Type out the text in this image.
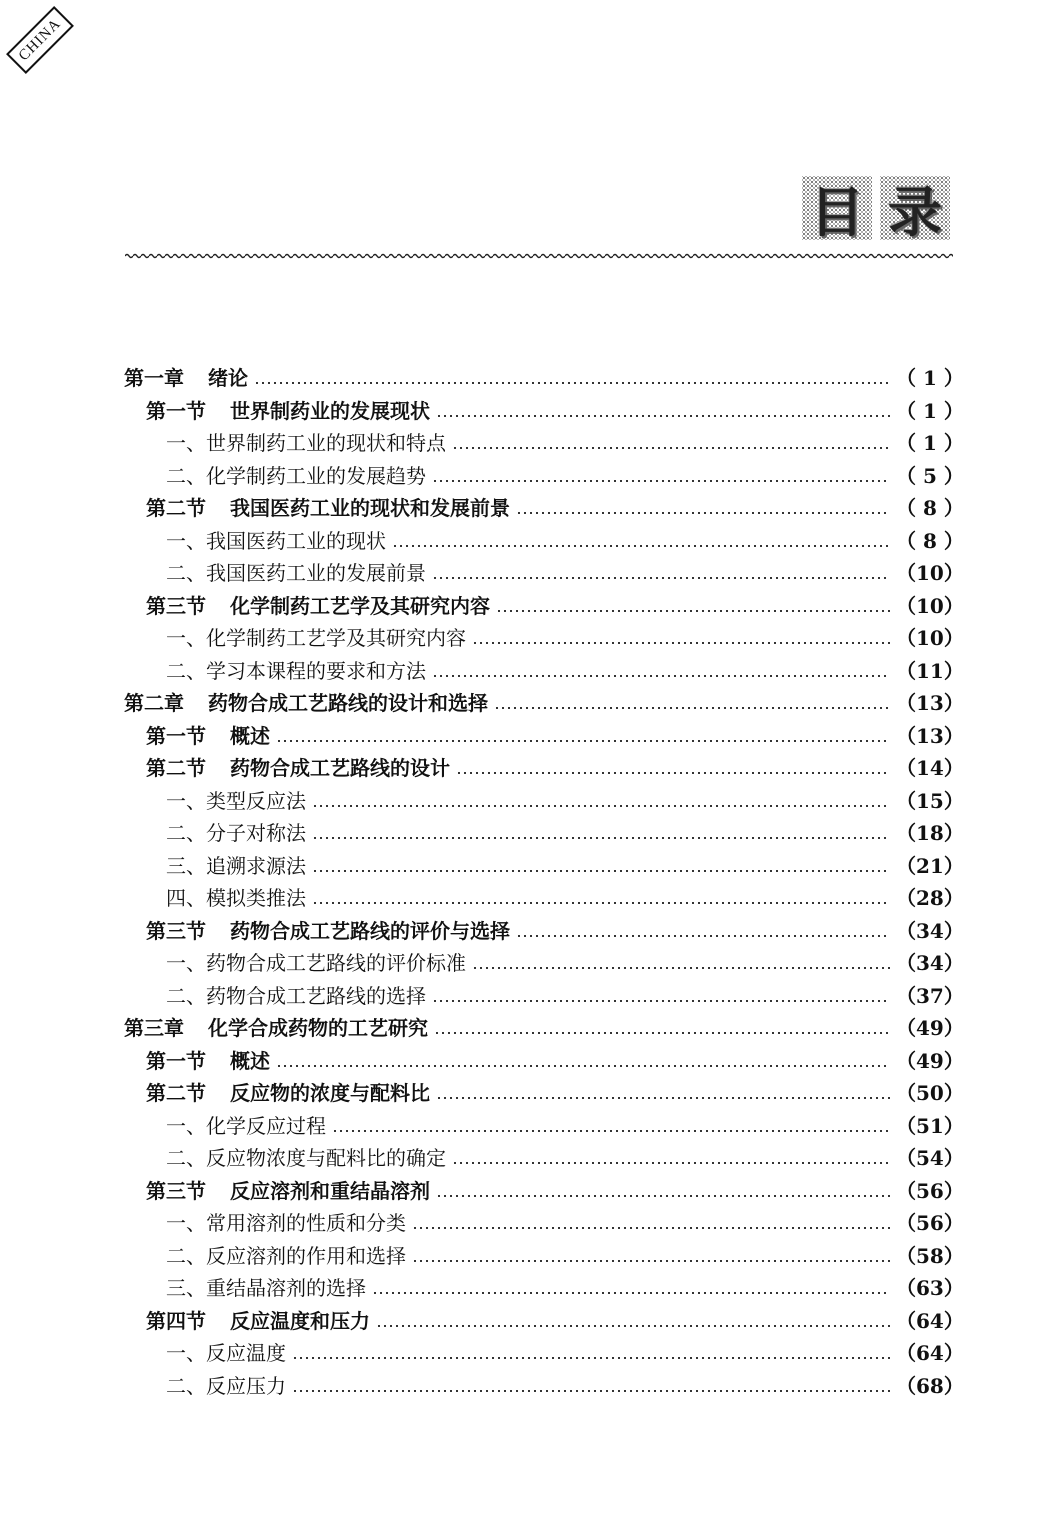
CHINA
目 录
第一章 绪论	（ 1 ）
第一节 世界制药业的发展现状	（ 1 ）
一、世界制药工业的现状和特点	（ 1 ）
二、化学制药工业的发展趋势	（ 5 ）
第二节 我国医药工业的现状和发展前景	（ 8 ）
一、我国医药工业的现状	（ 8 ）
二、我国医药工业的发展前景	（10）
第三节 化学制药工艺学及其研究内容	（10）
一、化学制药工艺学及其研究内容	（10）
二、学习本课程的要求和方法	（11）
第二章 药物合成工艺路线的设计和选择	（13）
第一节 概述	（13）
第二节 药物合成工艺路线的设计	（14）
一、类型反应法	（15）
二、分子对称法	（18）
三、追溯求源法	（21）
四、模拟类推法	（28）
第三节 药物合成工艺路线的评价与选择	（34）
一、药物合成工艺路线的评价标准	（34）
二、药物合成工艺路线的选择	（37）
第三章 化学合成药物的工艺研究	（49）
第一节 概述	（49）
第二节 反应物的浓度与配料比	（50）
一、化学反应过程	（51）
二、反应物浓度与配料比的确定	（54）
第三节 反应溶剂和重结晶溶剂	（56）
一、常用溶剂的性质和分类	（56）
二、反应溶剂的作用和选择	（58）
三、重结晶溶剂的选择	（63）
第四节 反应温度和压力	（64）
一、反应温度	（64）
二、反应压力	（68）
